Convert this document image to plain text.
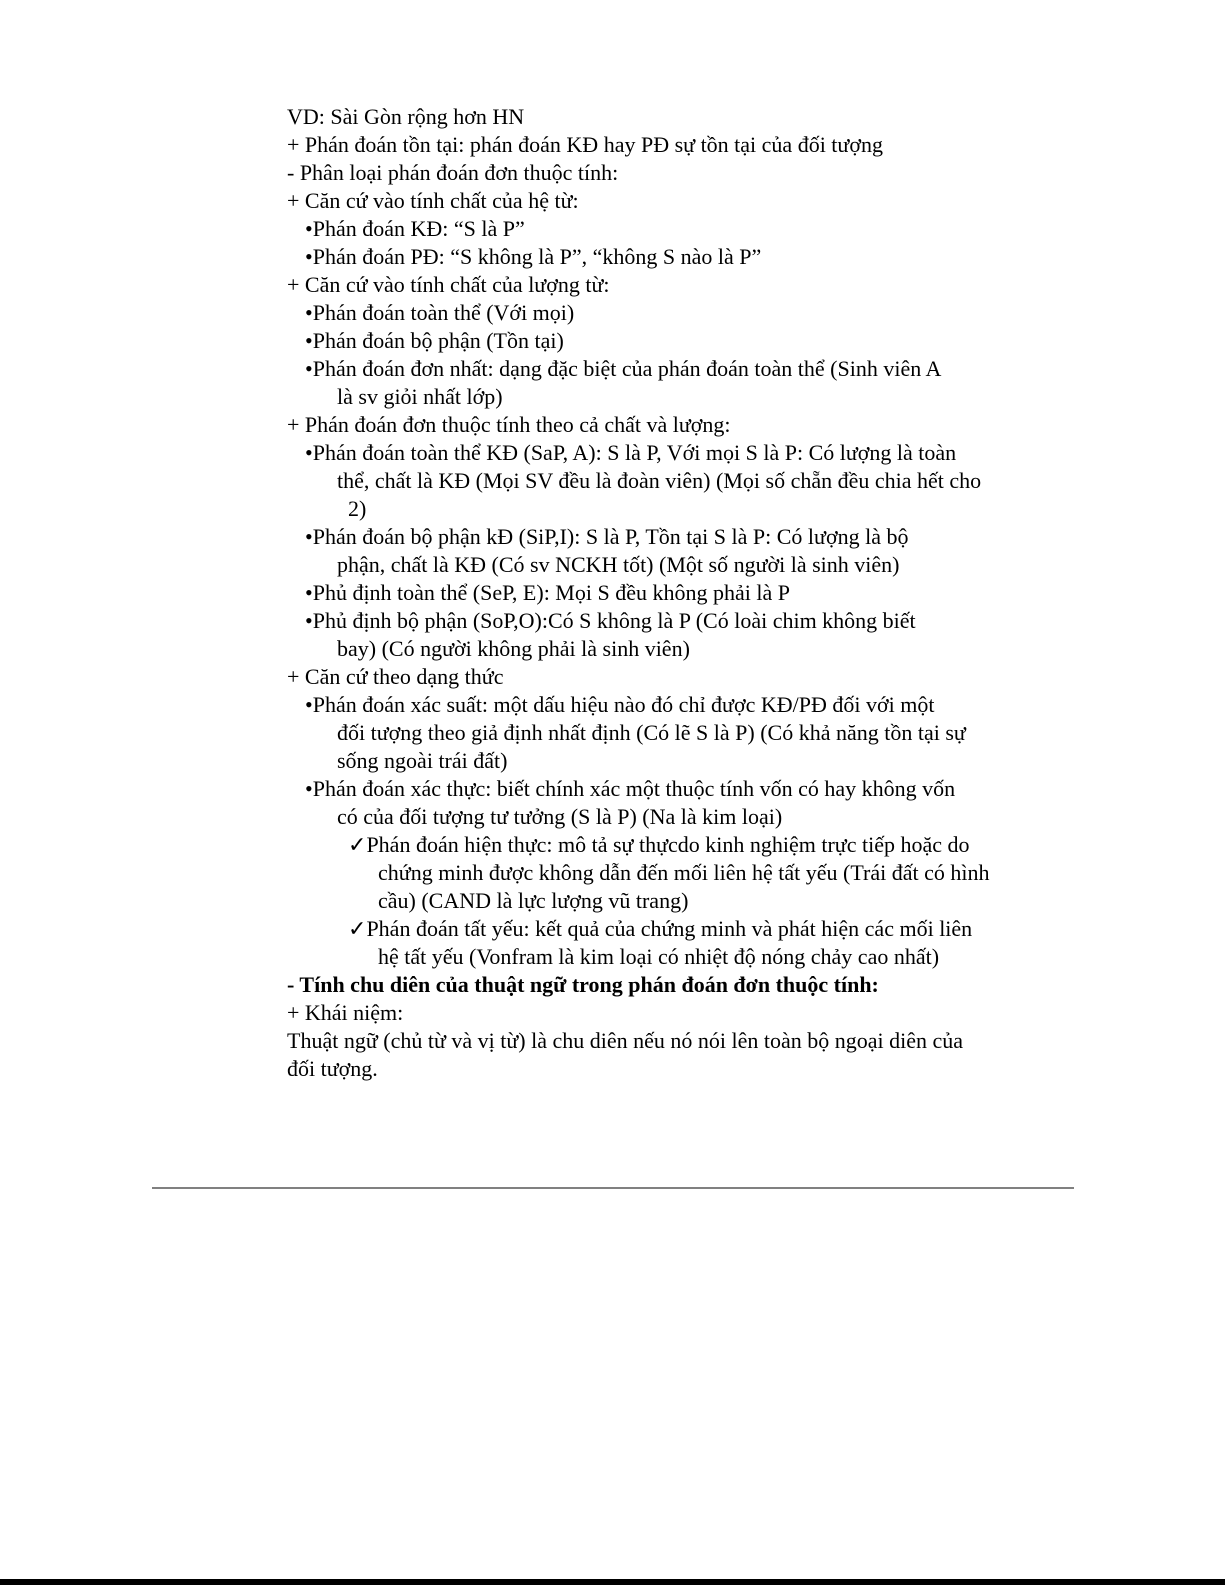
VD: Sài Gòn rộng hơn HN
+ Phán đoán tồn tại: phán đoán KĐ hay PĐ sự tồn tại của đối tượng
- Phân loại phán đoán đơn thuộc tính:
+ Căn cứ vào tính chất của hệ từ:
•Phán đoán KĐ: “S là P”
•Phán đoán PĐ: “S không là P”, “không S nào là P”
+ Căn cứ vào tính chất của lượng từ:
•Phán đoán toàn thể (Với mọi)
•Phán đoán bộ phận (Tồn tại)
•Phán đoán đơn nhất: dạng đặc biệt của phán đoán toàn thể (Sinh viên A
là sv giỏi nhất lớp)
+ Phán đoán đơn thuộc tính theo cả chất và lượng:
•Phán đoán toàn thể KĐ (SaP, A): S là P, Với mọi S là P: Có lượng là toàn
thể, chất là KĐ (Mọi SV đều là đoàn viên) (Mọi số chẵn đều chia hết cho
2)
•Phán đoán bộ phận kĐ (SiP,I): S là P, Tồn tại S là P: Có lượng là bộ
phận, chất là KĐ (Có sv NCKH tốt) (Một số người là sinh viên)
•Phủ định toàn thể (SeP, E): Mọi S đều không phải là P
•Phủ định bộ phận (SoP,O):Có S không là P (Có loài chim không biết
bay) (Có người không phải là sinh viên)
+ Căn cứ theo dạng thức
•Phán đoán xác suất: một dấu hiệu nào đó chỉ được KĐ/PĐ đối với một
đối tượng theo giả định nhất định (Có lẽ S là P) (Có khả năng tồn tại sự
sống ngoài trái đất)
•Phán đoán xác thực: biết chính xác một thuộc tính vốn có hay không vốn
có của đối tượng tư tưởng (S là P) (Na là kim loại)
✓Phán đoán hiện thực: mô tả sự thựcdo kinh nghiệm trực tiếp hoặc do
chứng minh được không dẫn đến mối liên hệ tất yếu (Trái đất có hình
cầu) (CAND là lực lượng vũ trang)
✓Phán đoán tất yếu: kết quả của chứng minh và phát hiện các mối liên
hệ tất yếu (Vonfram là kim loại có nhiệt độ nóng chảy cao nhất)
- Tính chu diên của thuật ngữ trong phán đoán đơn thuộc tính:
+ Khái niệm:
Thuật ngữ (chủ từ và vị từ) là chu diên nếu nó nói lên toàn bộ ngoại diên của
đối tượng.
